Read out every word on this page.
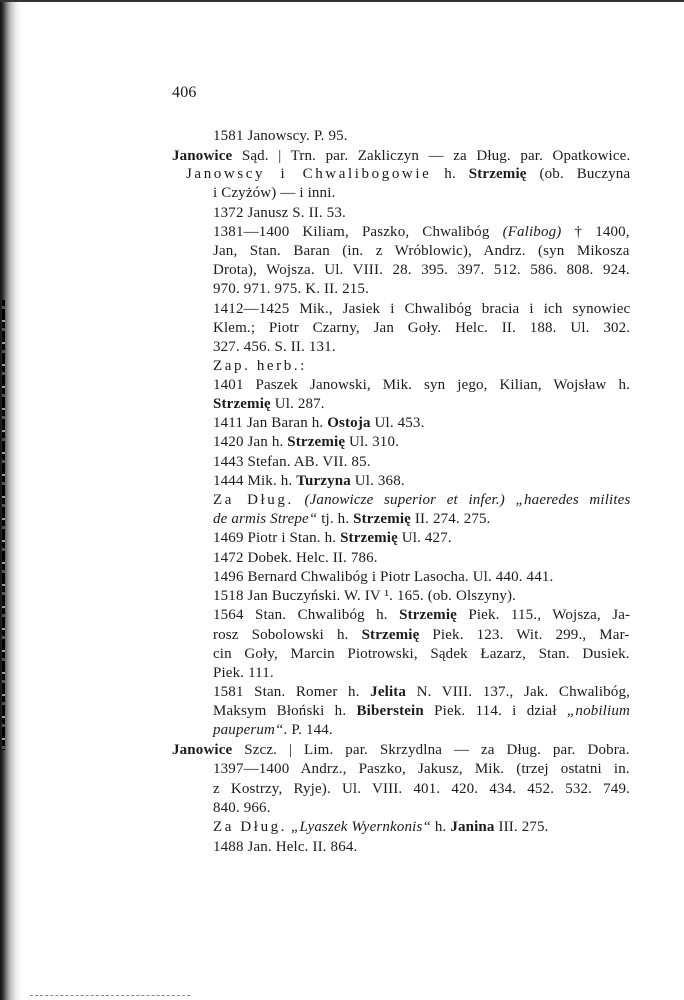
406
1581 Janowscy. P. 95.
Janowice Sąd. | Trn. par. Zakliczyn — za Dług. par. Opatkowice.
Janowscy i Chwalibogowie h. Strzemię (ob. Buczyna
i Czyżów) — i inni.
1372 Janusz S. II. 53.
1381—1400 Kiliam, Paszko, Chwalibóg (Falibog) † 1400,
Jan, Stan. Baran (in. z Wróblowic), Andrz. (syn Mikosza
Drota), Wojsza. Ul. VIII. 28. 395. 397. 512. 586. 808. 924.
970. 971. 975. K. II. 215.
1412—1425 Mik., Jasiek i Chwalibóg bracia i ich synowiec
Klem.; Piotr Czarny, Jan Goły. Helc. II. 188. Ul. 302.
327. 456. S. II. 131.
Zap. herb.:
1401 Paszek Janowski, Mik. syn jego, Kilian, Wojsław h.
Strzemię Ul. 287.
1411 Jan Baran h. Ostoja Ul. 453.
1420 Jan h. Strzemię Ul. 310.
1443 Stefan. AB. VII. 85.
1444 Mik. h. Turzyna Ul. 368.
Za Dług. (Janowicze superior et infer.) „haeredes milites
de armis Strepe“ tj. h. Strzemię II. 274. 275.
1469 Piotr i Stan. h. Strzemię Ul. 427.
1472 Dobek. Helc. II. 786.
1496 Bernard Chwalibóg i Piotr Lasocha. Ul. 440. 441.
1518 Jan Buczyński. W. IV ¹. 165. (ob. Olszyny).
1564 Stan. Chwalibóg h. Strzemię Piek. 115., Wojsza, Ja-
rosz Sobolowski h. Strzemię Piek. 123. Wit. 299., Mar-
cin Goły, Marcin Piotrowski, Sądek Łazarz, Stan. Dusiek.
Piek. 111.
1581 Stan. Romer h. Jelita N. VIII. 137., Jak. Chwalibóg,
Maksym Błoński h. Biberstein Piek. 114. i dział „nobilium
pauperum“. P. 144.
Janowice Szcz. | Lim. par. Skrzydlna — za Dług. par. Dobra.
1397—1400 Andrz., Paszko, Jakusz, Mik. (trzej ostatni in.
z Kostrzy, Ryje). Ul. VIII. 401. 420. 434. 452. 532. 749.
840. 966.
Za Dług. „Lyaszek Wyernkonis“ h. Janina III. 275.
1488 Jan. Helc. II. 864.
